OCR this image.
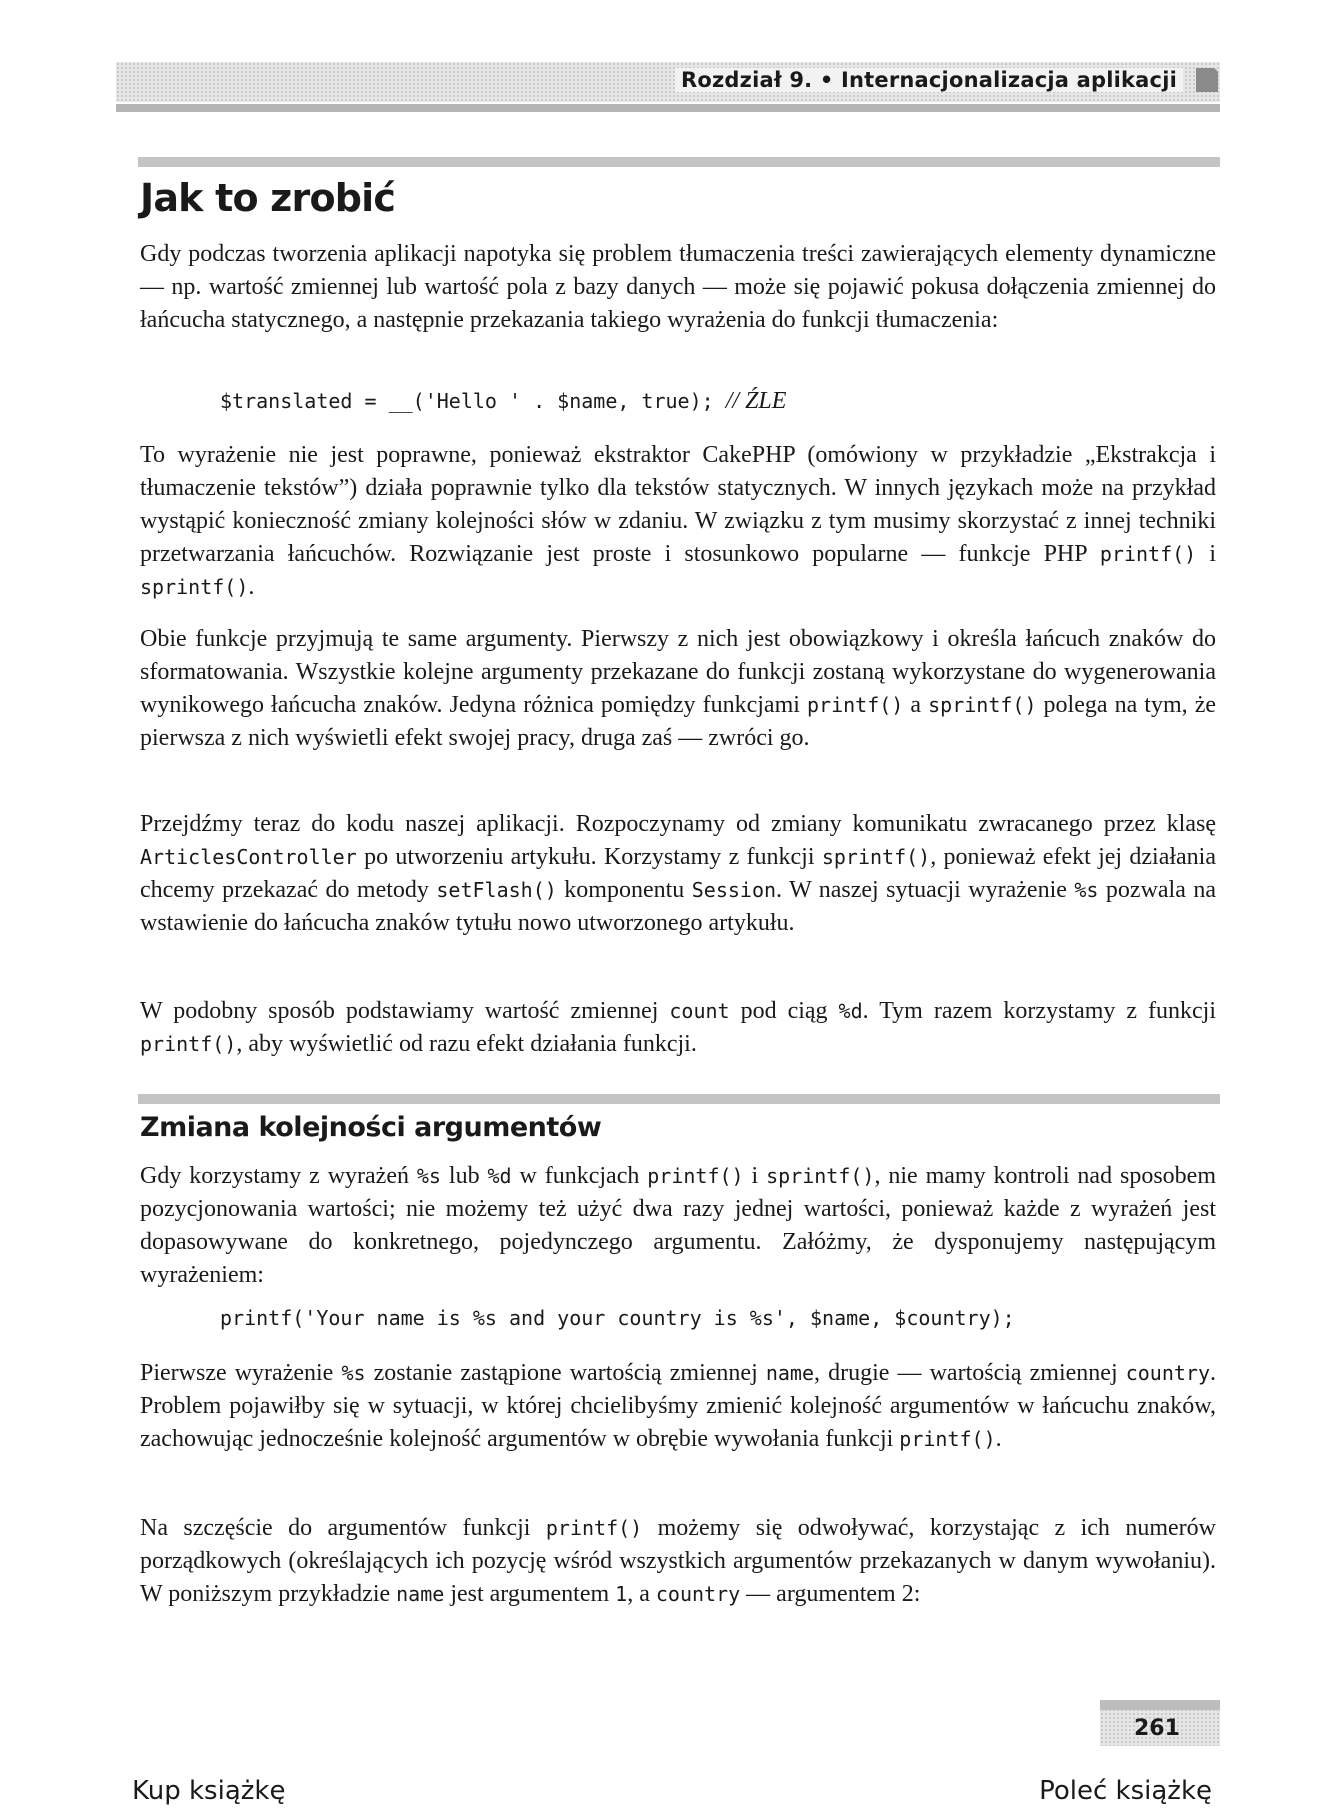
Rozdział 9. • Internacjonalizacja aplikacji
Jak to zrobić

Gdy podczas tworzenia aplikacji napotyka się problem tłumaczenia treści zawierających elementy dynamiczne — np. wartość zmiennej lub wartość pola z bazy danych — może się pojawić pokusa dołączenia zmiennej do łańcucha statycznego, a następnie przekazania takiego wyrażenia do funkcji tłumaczenia:

$translated = __('Hello ' . $name, true); // ŹLE

To wyrażenie nie jest poprawne, ponieważ ekstraktor CakePHP (omówiony w przykładzie „Ekstrakcja i tłumaczenie tekstów”) działa poprawnie tylko dla tekstów statycznych. W innych językach może na przykład wystąpić konieczność zmiany kolejności słów w zdaniu. W związku z tym musimy skorzystać z innej techniki przetwarzania łańcuchów. Rozwiązanie jest proste i stosunkowo popularne — funkcje PHP printf() i sprintf().

Obie funkcje przyjmują te same argumenty. Pierwszy z nich jest obowiązkowy i określa łańcuch znaków do sformatowania. Wszystkie kolejne argumenty przekazane do funkcji zostaną wykorzystane do wygenerowania wynikowego łańcucha znaków. Jedyna różnica pomiędzy funkcjami printf() a sprintf() polega na tym, że pierwsza z nich wyświetli efekt swojej pracy, druga zaś — zwróci go.

Przejdźmy teraz do kodu naszej aplikacji. Rozpoczynamy od zmiany komunikatu zwracanego przez klasę ArticlesController po utworzeniu artykułu. Korzystamy z funkcji sprintf(), ponieważ efekt jej działania chcemy przekazać do metody setFlash() komponentu Session. W naszej sytuacji wyrażenie %s pozwala na wstawienie do łańcucha znaków tytułu nowo utworzonego artykułu.

W podobny sposób podstawiamy wartość zmiennej count pod ciąg %d. Tym razem korzystamy z funkcji printf(), aby wyświetlić od razu efekt działania funkcji.

Zmiana kolejności argumentów

Gdy korzystamy z wyrażeń %s lub %d w funkcjach printf() i sprintf(), nie mamy kontroli nad sposobem pozycjonowania wartości; nie możemy też użyć dwa razy jednej wartości, ponieważ każde z wyrażeń jest dopasowywane do konkretnego, pojedynczego argumentu. Załóżmy, że dysponujemy następującym wyrażeniem:

printf('Your name is %s and your country is %s', $name, $country);

Pierwsze wyrażenie %s zostanie zastąpione wartością zmiennej name, drugie — wartością zmiennej country. Problem pojawiłby się w sytuacji, w której chcielibyśmy zmienić kolejność argumentów w łańcuchu znaków, zachowując jednocześnie kolejność argumentów w obrębie wywołania funkcji printf().

Na szczęście do argumentów funkcji printf() możemy się odwoływać, korzystając z ich numerów porządkowych (określających ich pozycję wśród wszystkich argumentów przekazanych w danym wywołaniu). W poniższym przykładzie name jest argumentem 1, a country — argumentem 2:

261
Kup książkę	Poleć książkę
